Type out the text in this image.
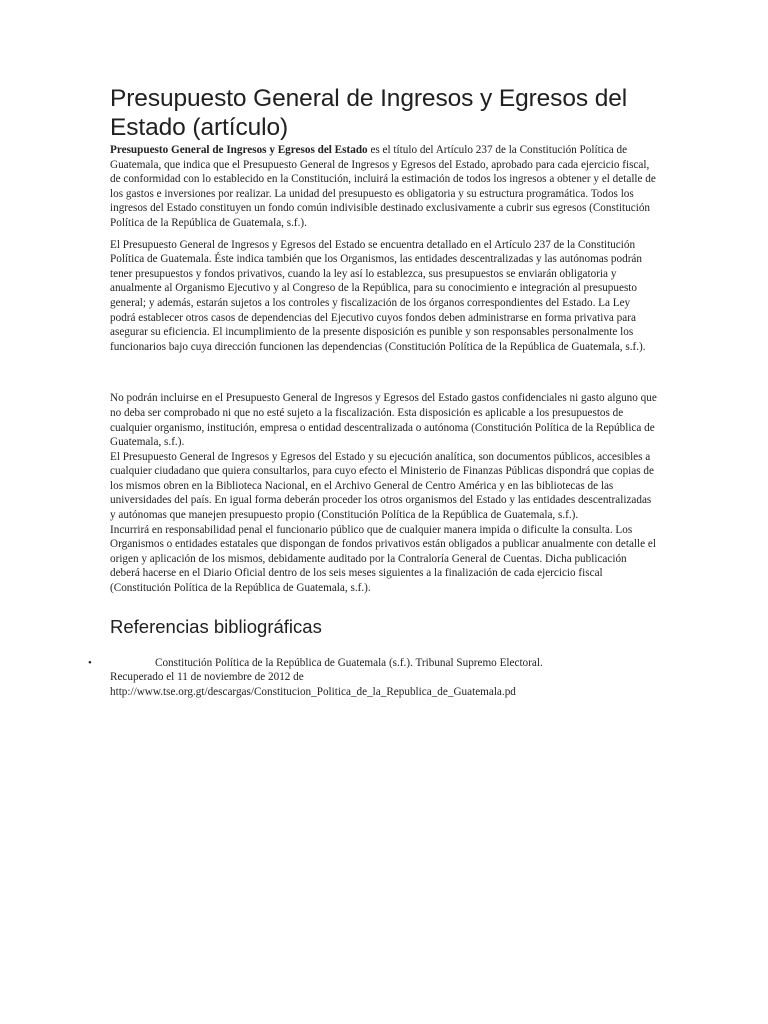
Presupuesto General de Ingresos y Egresos del Estado (artículo)

Presupuesto General de Ingresos y Egresos del Estado es el título del Artículo 237 de la Constitución Política de Guatemala, que indica que el Presupuesto General de Ingresos y Egresos del Estado, aprobado para cada ejercicio fiscal, de conformidad con lo establecido en la Constitución, incluirá la estimación de todos los ingresos a obtener y el detalle de los gastos e inversiones por realizar. La unidad del presupuesto es obligatoria y su estructura programática. Todos los ingresos del Estado constituyen un fondo común indivisible destinado exclusivamente a cubrir sus egresos (Constitución Política de la República de Guatemala, s.f.).

El Presupuesto General de Ingresos y Egresos del Estado se encuentra detallado en el Artículo 237 de la Constitución Política de Guatemala. Éste indica también que los Organismos, las entidades descentralizadas y las autónomas podrán tener presupuestos y fondos privativos, cuando la ley así lo establezca, sus presupuestos se enviarán obligatoria y anualmente al Organismo Ejecutivo y al Congreso de la República, para su conocimiento e integración al presupuesto general; y además, estarán sujetos a los controles y fiscalización de los órganos correspondientes del Estado. La Ley podrá establecer otros casos de dependencias del Ejecutivo cuyos fondos deben administrarse en forma privativa para asegurar su eficiencia. El incumplimiento de la presente disposición es punible y son responsables personalmente los funcionarios bajo cuya dirección funcionen las dependencias (Constitución Política de la República de Guatemala, s.f.).

No podrán incluirse en el Presupuesto General de Ingresos y Egresos del Estado gastos confidenciales ni gasto alguno que no deba ser comprobado ni que no esté sujeto a la fiscalización. Esta disposición es aplicable a los presupuestos de cualquier organismo, institución, empresa o entidad descentralizada o autónoma (Constitución Política de la República de Guatemala, s.f.).

El Presupuesto General de Ingresos y Egresos del Estado y su ejecución analítica, son documentos públicos, accesibles a cualquier ciudadano que quiera consultarlos, para cuyo efecto el Ministerio de Finanzas Públicas dispondrá que copias de los mismos obren en la Biblioteca Nacional, en el Archivo General de Centro América y en las bibliotecas de las universidades del país. En igual forma deberán proceder los otros organismos del Estado y las entidades descentralizadas y autónomas que manejen presupuesto propio (Constitución Política de la República de Guatemala, s.f.).

Incurrirá en responsabilidad penal el funcionario público que de cualquier manera impida o dificulte la consulta. Los Organismos o entidades estatales que dispongan de fondos privativos están obligados a publicar anualmente con detalle el origen y aplicación de los mismos, debidamente auditado por la Contraloría General de Cuentas. Dicha publicación deberá hacerse en el Diario Oficial dentro de los seis meses siguientes a la finalización de cada ejercicio fiscal (Constitución Política de la República de Guatemala, s.f.).

Referencias bibliográficas
•	Constitución Política de la República de Guatemala (s.f.). Tribunal Supremo Electoral.
Recuperado el 11 de noviembre de 2012 de
http://www.tse.org.gt/descargas/Constitucion_Politica_de_la_Republica_de_Guatemala.pd
